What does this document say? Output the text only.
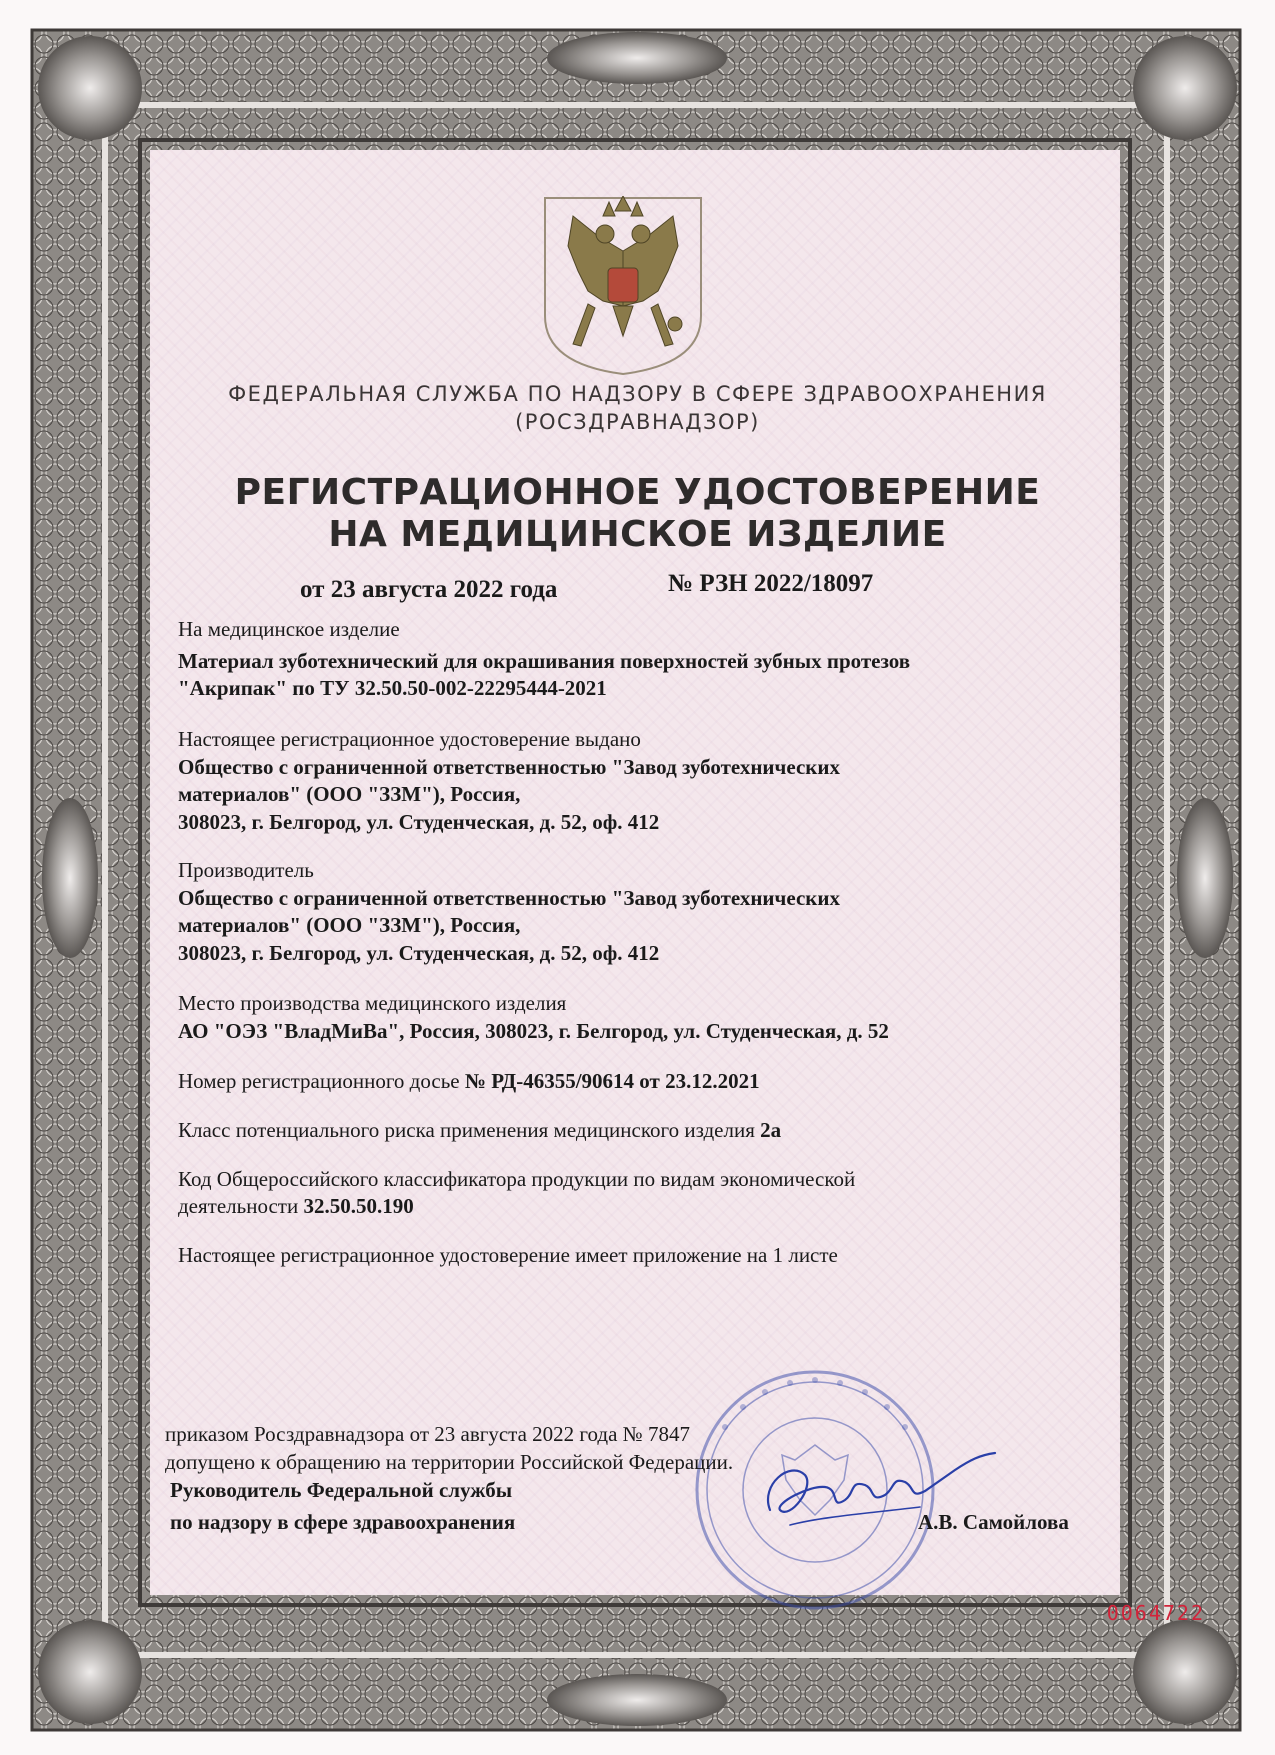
ФЕДЕРАЛЬНАЯ СЛУЖБА ПО НАДЗОРУ В СФЕРЕ ЗДРАВООХРАНЕНИЯ

(РОСЗДРАВНАДЗОР)

РЕГИСТРАЦИОННОЕ УДОСТОВЕРЕНИЕ

НА МЕДИЦИНСКОЕ ИЗДЕЛИЕ

от 23 августа 2022 года	№ РЗН 2022/18097

На медицинское изделие

Материал зуботехнический для окрашивания поверхностей зубных протезов

"Акрипак" по ТУ 32.50.50-002-22295444-2021

Настоящее регистрационное удостоверение выдано

Общество с ограниченной ответственностью "Завод зуботехнических

материалов" (ООО "ЗЗМ"), Россия,

308023, г. Белгород, ул. Студенческая, д. 52, оф. 412

Производитель

Общество с ограниченной ответственностью "Завод зуботехнических

материалов" (ООО "ЗЗМ"), Россия,

308023, г. Белгород, ул. Студенческая, д. 52, оф. 412

Место производства медицинского изделия

АО "ОЭЗ "ВладМиВа", Россия, 308023, г. Белгород, ул. Студенческая, д. 52

Номер регистрационного досье № РД-46355/90614 от 23.12.2021

Класс потенциального риска применения медицинского изделия 2а

Код Общероссийского классификатора продукции по видам экономической

деятельности 32.50.50.190

Настоящее регистрационное удостоверение имеет приложение на 1 листе

приказом Росздравнадзора от 23 августа 2022 года № 7847

допущено к обращению на территории Российской Федерации.

Руководитель Федеральной службы

по надзору в сфере здравоохранения	А.В. Самойлова

0064722
